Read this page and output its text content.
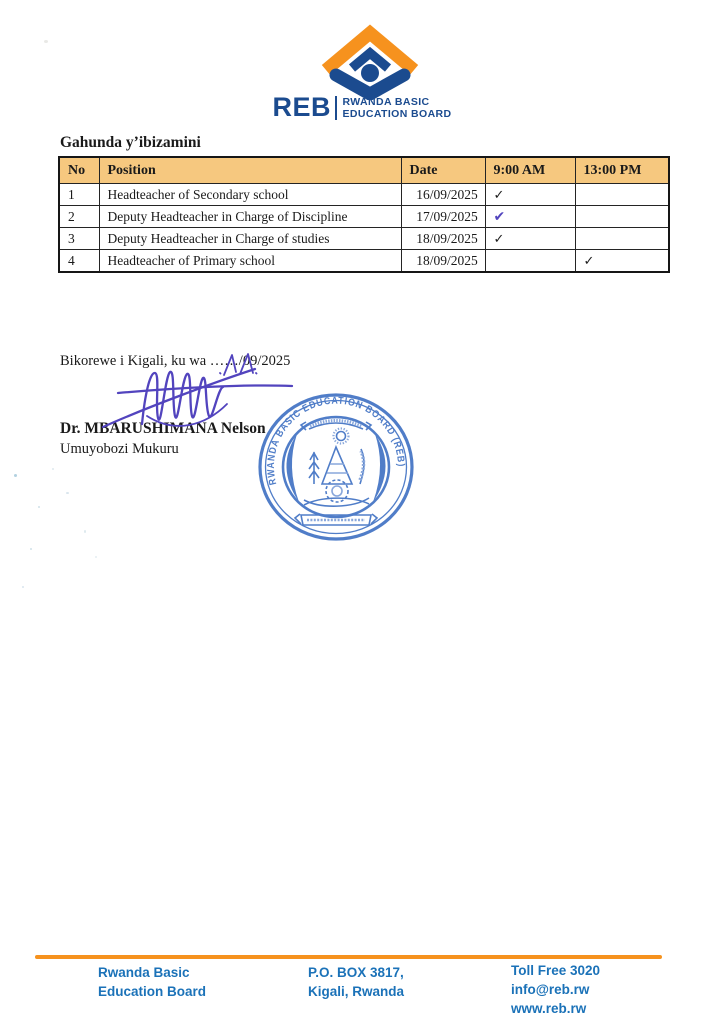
REB RWANDA BASIC
EDUCATION BOARD
Gahunda y’ibizamini
No	Position	Date	9:00 AM	13:00 PM
1	Headteacher of Secondary school	16/09/2025	✓	
2	Deputy Headteacher in Charge of Discipline	17/09/2025	✔	
3	Deputy Headteacher in Charge of studies	18/09/2025	✓	
4	Headteacher of Primary school	18/09/2025		✓
Bikorewe i Kigali, ku wa ……/09/2025
Dr. MBARUSHIMANA Nelson
Umuyobozi Mukuru
RWANDA BASIC EDUCATION BOARD (REB)
Rwanda Basic
Education Board
P.O. BOX 3817,
Kigali, Rwanda
Toll Free 3020
info@reb.rw
www.reb.rw
